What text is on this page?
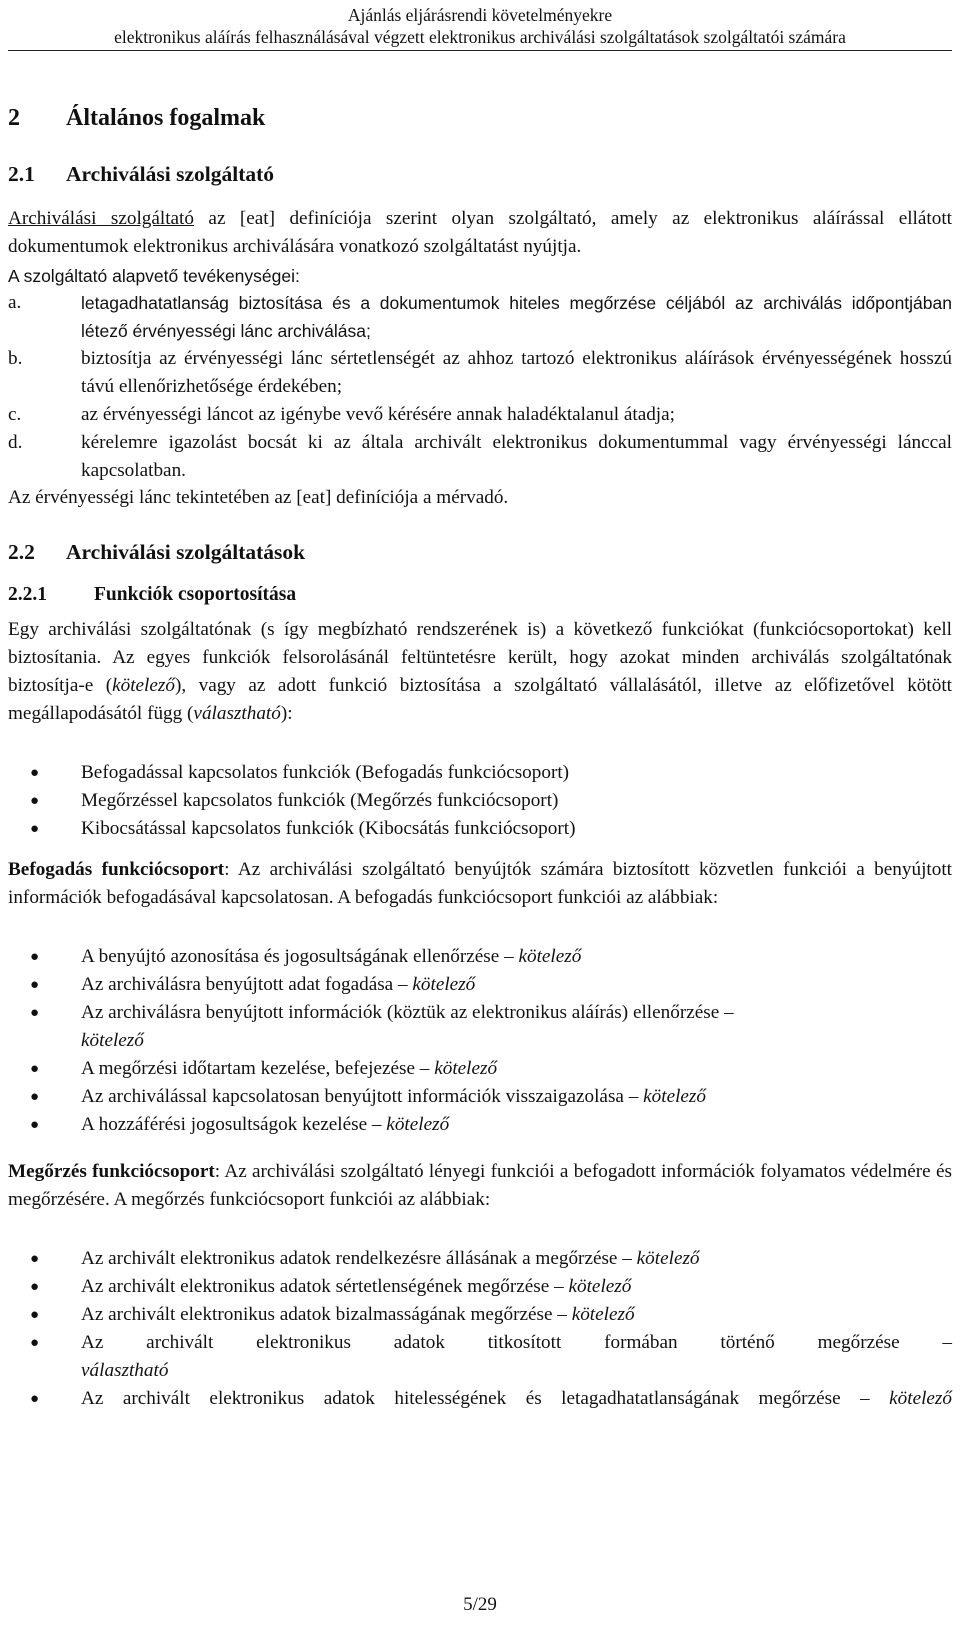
Ajánlás eljárásrendi követelményekre
elektronikus aláírás felhasználásával végzett elektronikus archiválási szolgáltatások szolgáltatói számára
2 Általános fogalmak
2.1 Archiválási szolgáltató
Archiválási szolgáltató az [eat] definíciója szerint olyan szolgáltató, amely az elektronikus aláírással ellátott dokumentumok elektronikus archiválására vonatkozó szolgáltatást nyújtja.
A szolgáltató alapvető tevékenységei:
a.	letagadhatatlanság biztosítása és a dokumentumok hiteles megőrzése céljából az archiválás időpontjában létező érvényességi lánc archiválása;
b.	biztosítja az érvényességi lánc sértetlenségét az ahhoz tartozó elektronikus aláírások érvényességének hosszú távú ellenőrizhetősége érdekében;
c.	az érvényességi láncot az igénybe vevő kérésére annak haladéktalanul átadja;
d.	kérelemre igazolást bocsát ki az általa archivált elektronikus dokumentummal vagy érvényességi lánccal kapcsolatban.
Az érvényességi lánc tekintetében az [eat] definíciója a mérvadó.
2.2 Archiválási szolgáltatások
2.2.1 Funkciók csoportosítása
Egy archiválási szolgáltatónak (s így megbízható rendszerének is) a következő funkciókat (funkciócsoportokat) kell biztosítania. Az egyes funkciók felsorolásánál feltüntetésre került, hogy azokat minden archiválás szolgáltatónak biztosítja-e (kötelező), vagy az adott funkció biztosítása a szolgáltató vállalásától, illetve az előfizetővel kötött megállapodásától függ (választható):
●	Befogadással kapcsolatos funkciók (Befogadás funkciócsoport)
●	Megőrzéssel kapcsolatos funkciók (Megőrzés funkciócsoport)
●	Kibocsátással kapcsolatos funkciók (Kibocsátás funkciócsoport)
Befogadás funkciócsoport: Az archiválási szolgáltató benyújtók számára biztosított közvetlen funkciói a benyújtott információk befogadásával kapcsolatosan. A befogadás funkciócsoport funkciói az alábbiak:
●	A benyújtó azonosítása és jogosultságának ellenőrzése – kötelező
●	Az archiválásra benyújtott adat fogadása – kötelező
●	Az archiválásra benyújtott információk (köztük az elektronikus aláírás) ellenőrzése –
kötelező
●	A megőrzési időtartam kezelése, befejezése – kötelező
●	Az archiválással kapcsolatosan benyújtott információk visszaigazolása – kötelező
●	A hozzáférési jogosultságok kezelése – kötelező
Megőrzés funkciócsoport: Az archiválási szolgáltató lényegi funkciói a befogadott információk folyamatos védelmére és megőrzésére. A megőrzés funkciócsoport funkciói az alábbiak:
●	Az archivált elektronikus adatok rendelkezésre állásának a megőrzése – kötelező
●	Az archivált elektronikus adatok sértetlenségének megőrzése – kötelező
●	Az archivált elektronikus adatok bizalmasságának megőrzése – kötelező
●	Az archivált elektronikus adatok titkosított formában történő megőrzése –
választható
●	Az archivált elektronikus adatok hitelességének és letagadhatatlanságának megőrzése – kötelező
5/29
